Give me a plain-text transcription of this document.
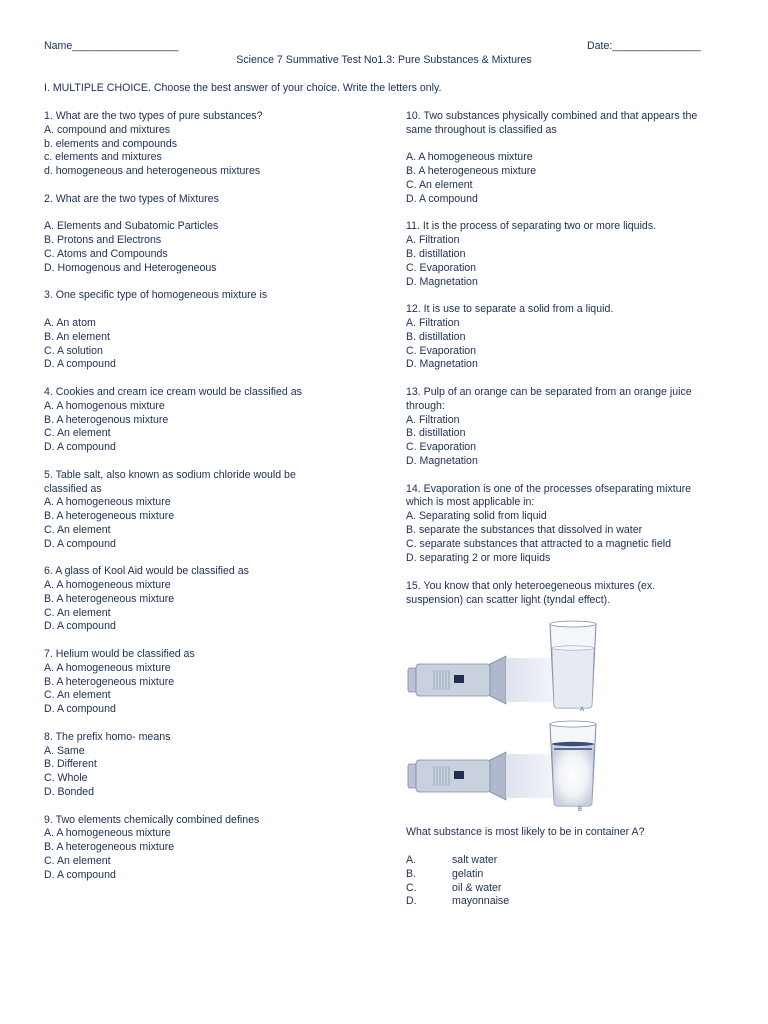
Name__________________	Date:_______________
Science 7 Summative Test No1.3: Pure Substances & Mixtures
I. MULTIPLE CHOICE. Choose the best answer of your choice. Write the letters only.
1. What are the two types of pure substances?
A. compound and mixtures
b. elements and compounds
c. elements and mixtures
d. homogeneous and heterogeneous mixtures
2. What are the two types of Mixtures
A. Elements and Subatomic Particles
B. Protons and Electrons
C. Atoms and Compounds
D. Homogenous and Heterogeneous
3. One specific type of homogeneous mixture is
A. An atom
B. An element
C. A solution
D. A compound
4. Cookies and cream ice cream would be classified as
A. A homogenous mixture
B. A heterogenous mixture
C. An element
D. A compound
5. Table salt, also known as sodium chloride would be
classified as
A. A homogeneous mixture
B. A heterogeneous mixture
C. An element
D. A compound
6. A glass of Kool Aid would be classified as
A. A homogeneous mixture
B. A heterogeneous mixture
C. An element
D. A compound
7. Helium would be classified as
A. A homogeneous mixture
B. A heterogeneous mixture
C. An element
D. A compound
8. The prefix homo- means
A. Same
B. Different
C. Whole
D. Bonded
9. Two elements chemically combined defines
A. A homogeneous mixture
B. A heterogeneous mixture
C. An element
D. A compound
10. Two substances physically combined and that appears the
same throughout is classified as
A. A homogeneous mixture
B. A heterogeneous mixture
C. An element
D. A compound
11. It is the process of separating two or more liquids.
A. Filtration
B. distillation
C. Evaporation
D. Magnetation
12. It is use to separate a solid from a liquid.
A. Filtration
B. distillation
C. Evaporation
D. Magnetation
13. Pulp of an orange can be separated from an orange juice
through:
A. Filtration
B. distillation
C. Evaporation
D. Magnetation
14. Evaporation is one of the processes ofseparating mixture
which is most applicable in:
A. Separating solid from liquid
B. separate the substances that dissolved in water
C. separate substances that attracted to a magnetic field
D. separating 2 or more liquids
15. You know that only heteroegeneous mixtures (ex.
suspension) can scatter light (tyndal effect).
A
B
What substance is most likely to be in container A?
A.	salt water
B.	gelatin
C.	oil & water
D.	mayonnaise
